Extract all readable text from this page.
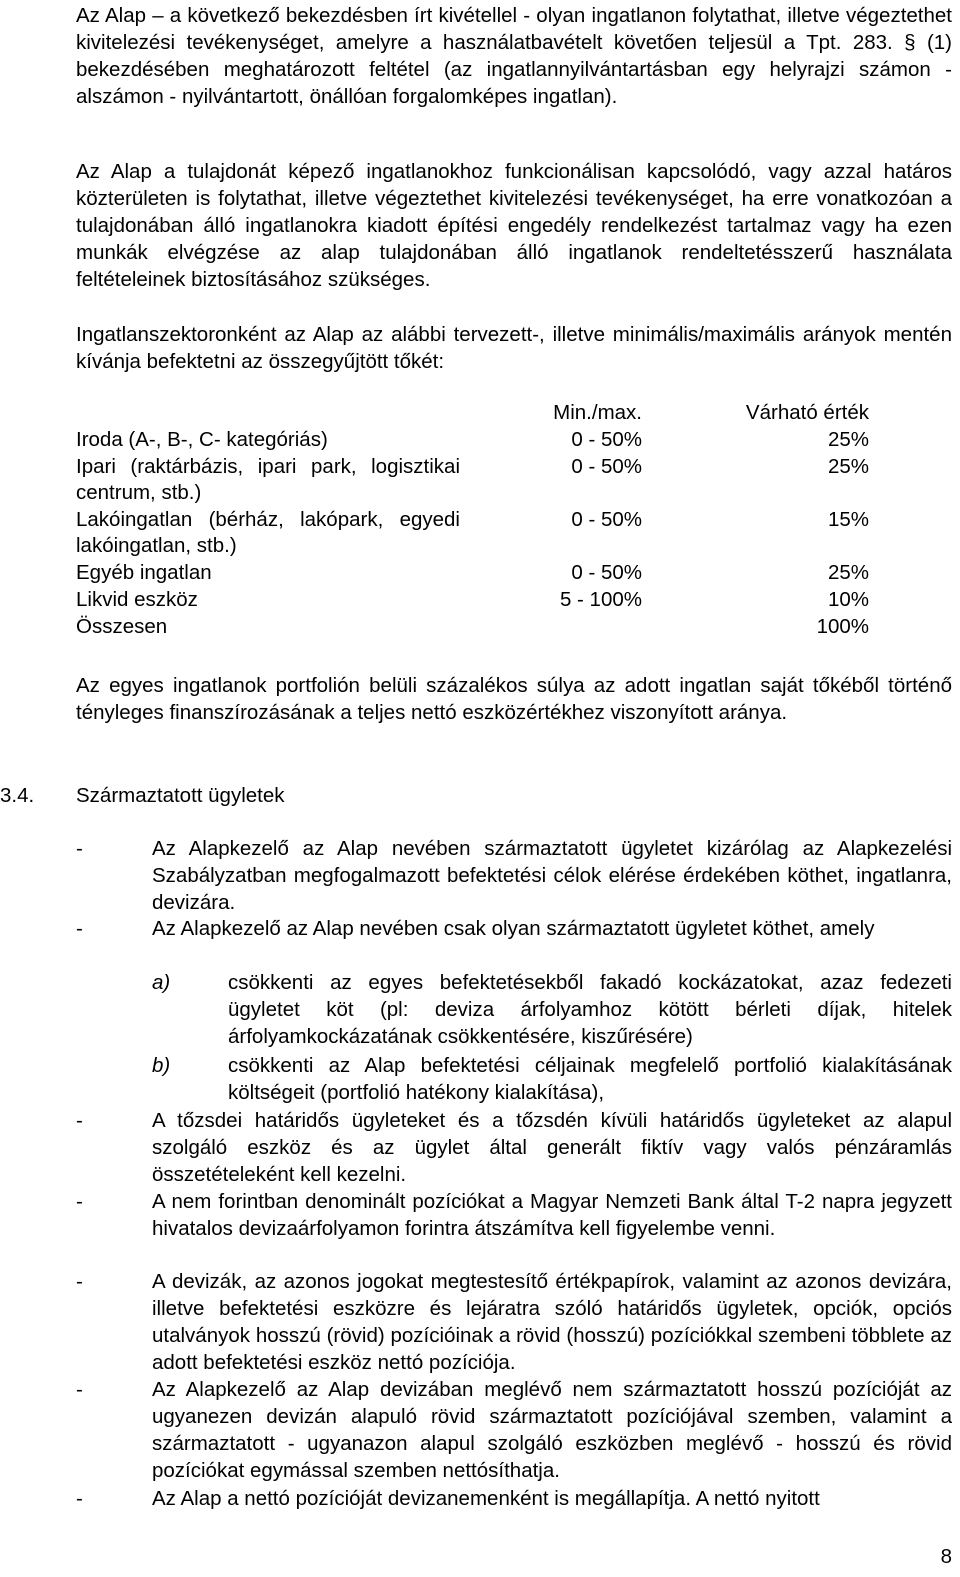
Az Alap – a következő bekezdésben írt kivétellel - olyan ingatlanon folytathat, illetve végeztethet kivitelezési tevékenységet, amelyre a használatbavételt követően teljesül a Tpt. 283. § (1) bekezdésében meghatározott feltétel (az ingatlannyilvántartásban egy helyrajzi számon - alszámon - nyilvántartott, önállóan forgalomképes ingatlan).

Az Alap a tulajdonát képező ingatlanokhoz funkcionálisan kapcsolódó, vagy azzal határos közterületen is folytathat, illetve végeztethet kivitelezési tevékenységet, ha erre vonatkozóan a tulajdonában álló ingatlanokra kiadott építési engedély rendelkezést tartalmaz vagy ha ezen munkák elvégzése az alap tulajdonában álló ingatlanok rendeltetésszerű használata feltételeinek biztosításához szükséges.

Ingatlanszektoronként az Alap az alábbi tervezett-, illetve minimális/maximális arányok mentén kívánja befektetni az összegyűjtött tőkét:

	Min./max.	Várható érték
Iroda (A-, B-, C- kategóriás)	0 - 50%	25%
Ipari (raktárbázis, ipari park, logisztikai centrum, stb.)	0 - 50%	25%
Lakóingatlan (bérház, lakópark, egyedi lakóingatlan, stb.)	0 - 50%	15%
Egyéb ingatlan	0 - 50%	25%
Likvid eszköz	5 - 100%	10%
Összesen		100%

Az egyes ingatlanok portfolión belüli százalékos súlya az adott ingatlan saját tőkéből történő tényleges finanszírozásának a teljes nettó eszközértékhez viszonyított aránya.

3.4. Származtatott ügyletek

-	Az Alapkezelő az Alap nevében származtatott ügyletet kizárólag az Alapkezelési Szabályzatban megfogalmazott befektetési célok elérése érdekében köthet, ingatlanra, devizára.

-	Az Alapkezelő az Alap nevében csak olyan származtatott ügyletet köthet, amely

a)	csökkenti az egyes befektetésekből fakadó kockázatokat, azaz fedezeti ügyletet köt (pl: deviza árfolyamhoz kötött bérleti díjak, hitelek árfolyamkockázatának csökkentésére, kiszűrésére)

b)	csökkenti az Alap befektetési céljainak megfelelő portfolió kialakításának költségeit (portfolió hatékony kialakítása),

-	A tőzsdei határidős ügyleteket és a tőzsdén kívüli határidős ügyleteket az alapul szolgáló eszköz és az ügylet által generált fiktív vagy valós pénzáramlás összetételeként kell kezelni.

-	A nem forintban denominált pozíciókat a Magyar Nemzeti Bank által T-2 napra jegyzett hivatalos devizaárfolyamon forintra átszámítva kell figyelembe venni.

-	A devizák, az azonos jogokat megtestesítő értékpapírok, valamint az azonos devizára, illetve befektetési eszközre és lejáratra szóló határidős ügyletek, opciók, opciós utalványok hosszú (rövid) pozícióinak a rövid (hosszú) pozíciókkal szembeni többlete az adott befektetési eszköz nettó pozíciója.

-	Az Alapkezelő az Alap devizában meglévő nem származtatott hosszú pozícióját az ugyanezen devizán alapuló rövid származtatott pozíciójával szemben, valamint a származtatott - ugyanazon alapul szolgáló eszközben meglévő - hosszú és rövid pozíciókat egymással szemben nettósíthatja.

-	Az Alap a nettó pozícióját devizanemenként is megállapítja. A nettó nyitott

8
